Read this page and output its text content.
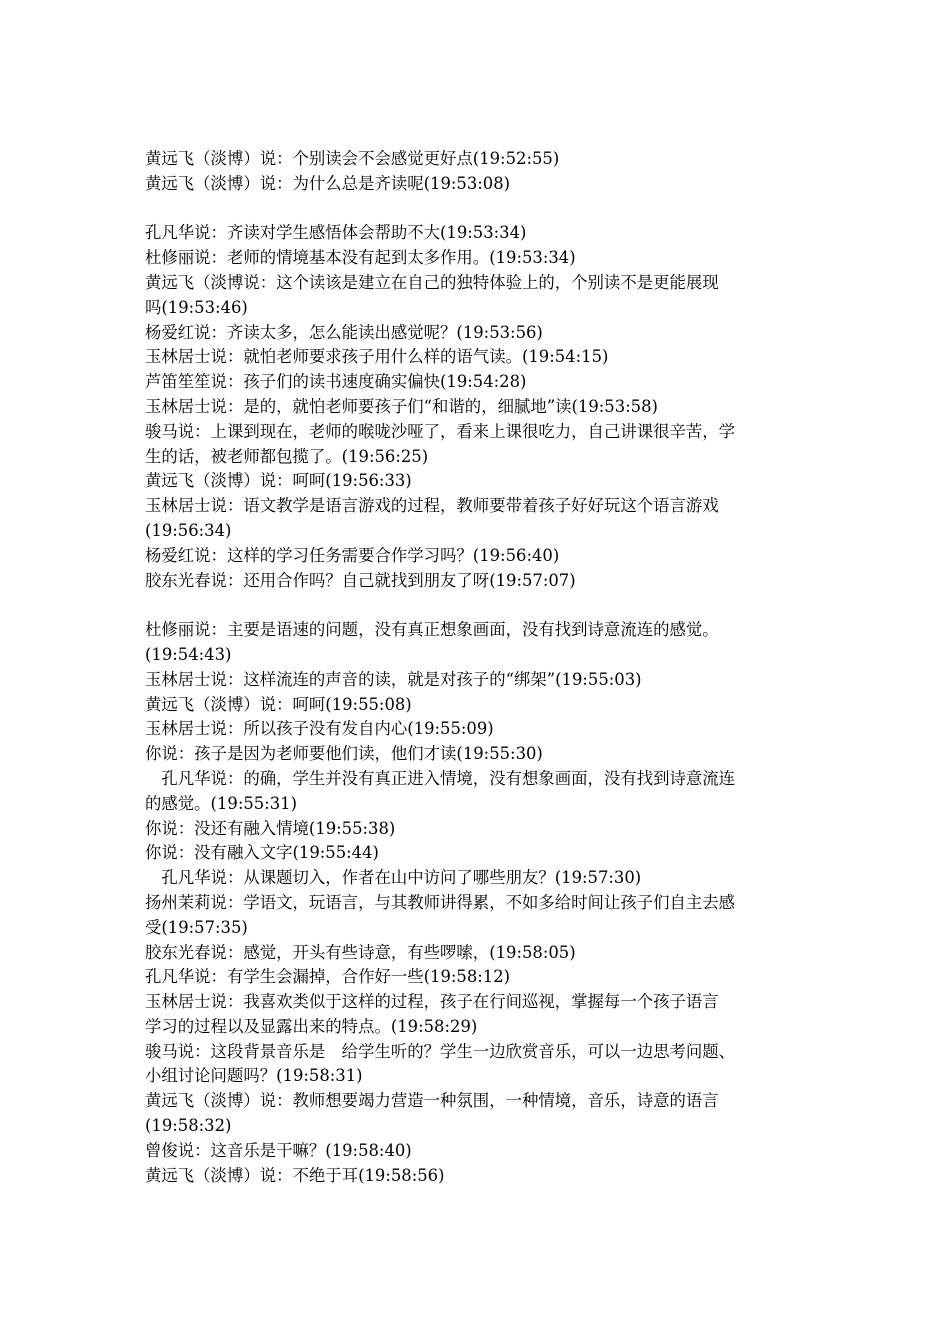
黄远飞（淡博）说：个别读会不会感觉更好点(19:52:55)
黄远飞（淡博）说：为什么总是齐读呢(19:53:08)
孔凡华说：齐读对学生感悟体会帮助不大(19:53:34)
杜修丽说：老师的情境基本没有起到太多作用。(19:53:34)
黄远飞（淡博说：这个读该是建立在自己的独特体验上的，个别读不是更能展现
吗(19:53:46)
杨爱红说：齐读太多，怎么能读出感觉呢？(19:53:56)
玉林居士说：就怕老师要求孩子用什么样的语气读。(19:54:15)
芦笛笙笙说：孩子们的读书速度确实偏快(19:54:28)
玉林居士说：是的，就怕老师要孩子们“和谐的，细腻地”读(19:53:58)
骏马说：上课到现在，老师的喉咙沙哑了，看来上课很吃力，自己讲课很辛苦，学
生的话，被老师都包揽了。(19:56:25)
黄远飞（淡博）说：呵呵(19:56:33)
玉林居士说：语文教学是语言游戏的过程，教师要带着孩子好好玩这个语言游戏
(19:56:34)
杨爱红说：这样的学习任务需要合作学习吗？(19:56:40)
胶东光春说：还用合作吗？自己就找到朋友了呀(19:57:07)
杜修丽说：主要是语速的问题，没有真正想象画面，没有找到诗意流连的感觉。
(19:54:43)
玉林居士说：这样流连的声音的读，就是对孩子的“绑架”(19:55:03)
黄远飞（淡博）说：呵呵(19:55:08)
玉林居士说：所以孩子没有发自内心(19:55:09)
你说：孩子是因为老师要他们读，他们才读(19:55:30)
　孔凡华说：的确，学生并没有真正进入情境，没有想象画面，没有找到诗意流连
的感觉。(19:55:31)
你说：没还有融入情境(19:55:38)
你说：没有融入文字(19:55:44)
　孔凡华说：从课题切入，作者在山中访问了哪些朋友？(19:57:30)
扬州茉莉说：学语文，玩语言，与其教师讲得累，不如多给时间让孩子们自主去感
受(19:57:35)
胶东光春说：感觉，开头有些诗意，有些啰嗦，(19:58:05)
孔凡华说：有学生会漏掉，合作好一些(19:58:12)
玉林居士说：我喜欢类似于这样的过程，孩子在行间巡视，掌握每一个孩子语言
学习的过程以及显露出来的特点。(19:58:29)
骏马说：这段背景音乐是　给学生听的？学生一边欣赏音乐，可以一边思考问题、
小组讨论问题吗？(19:58:31)
黄远飞（淡博）说：教师想要竭力营造一种氛围，一种情境，音乐，诗意的语言
(19:58:32)
曾俊说：这音乐是干嘛？(19:58:40)
黄远飞（淡博）说：不绝于耳(19:58:56)
